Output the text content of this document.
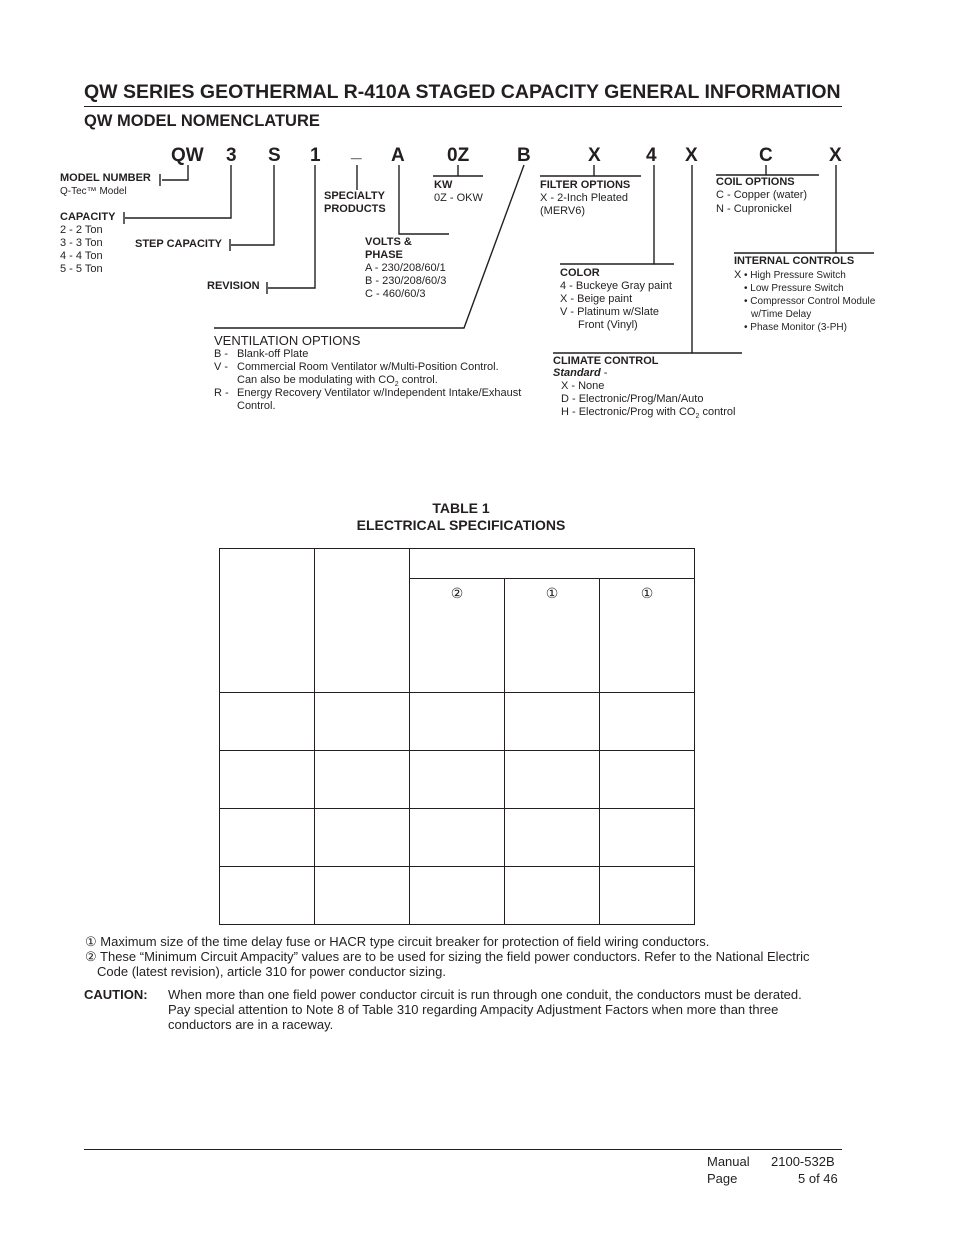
QW SERIES GEOTHERMAL R-410A STAGED CAPACITY GENERAL INFORMATION
QW MODEL NOMENCLATURE
QW 3 S 1 _ A 0Z	B	X 4 X	C	X
MODEL NUMBER
Q-Tec™ Model
CAPACITY
2 - 2 Ton
3 - 3 Ton
4 - 4 Ton
5 - 5 Ton
STEP CAPACITY
REVISION
SPECIALTY
PRODUCTS
VOLTS &
PHASE
A - 230/208/60/1
B - 230/208/60/3
C - 460/60/3
KW
0Z - OKW
FILTER OPTIONS
X - 2-Inch Pleated
(MERV6)
COIL OPTIONS
C - Copper (water)
N - Cupronickel
COLOR
4 - Buckeye Gray paint
X - Beige paint
V - Platinum w/Slate
Front (Vinyl)
INTERNAL CONTROLS
X • High Pressure Switch
• Low Pressure Switch
• Compressor Control Module
w/Time Delay
• Phase Monitor (3-PH)
CLIMATE CONTROL
Standard -
X - None
D - Electronic/Prog/Man/Auto
H - Electronic/Prog with $CO_2$ control
VENTILATION OPTIONS
B - Blank-off Plate
V - Commercial Room Ventilator w/Multi-Position Control.
Can also be modulating with $CO_2$ control.
R - Energy Recovery Ventilator w/Independent Intake/Exhaust
Control.
TABLE 1
ELECTRICAL SPECIFICATIONS

		②	①	①

① Maximum size of the time delay fuse or HACR type circuit breaker for protection of field wiring conductors.
② These “Minimum Circuit Ampacity” values are to be used for sizing the field power conductors. Refer to the National Electric
Code (latest revision), article 310 for power conductor sizing.
CAUTION: When more than one field power conductor circuit is run through one conduit, the conductors must be derated.
Pay special attention to Note 8 of Table 310 regarding Ampacity Adjustment Factors when more than three
conductors are in a raceway.
Manual 2100-532B
Page	5 of 46
